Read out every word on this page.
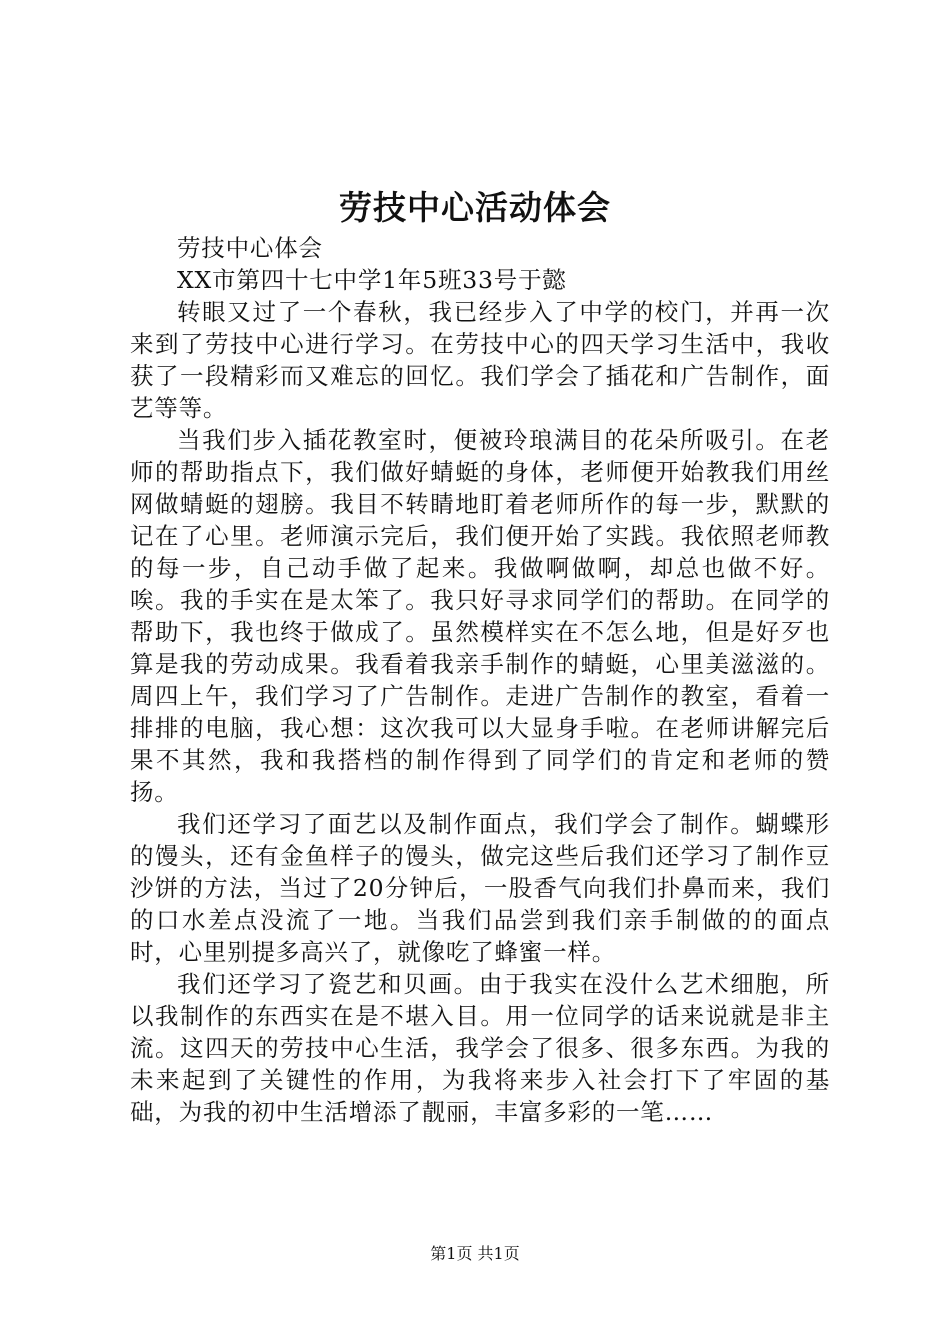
劳技中心活动体会

劳技中心体会

XX市第四十七中学1年5班33号于懿

转眼又过了一个春秋，我已经步入了中学的校门，并再一次来到了劳技中心进行学习。在劳技中心的四天学习生活中，我收获了一段精彩而又难忘的回忆。我们学会了插花和广告制作，面艺等等。

当我们步入插花教室时，便被玲琅满目的花朵所吸引。在老师的帮助指点下，我们做好蜻蜓的身体，老师便开始教我们用丝网做蜻蜓的翅膀。我目不转睛地盯着老师所作的每一步，默默的记在了心里。老师演示完后，我们便开始了实践。我依照老师教的每一步，自己动手做了起来。我做啊做啊，却总也做不好。唉。我的手实在是太笨了。我只好寻求同学们的帮助。在同学的帮助下，我也终于做成了。虽然模样实在不怎么地，但是好歹也算是我的劳动成果。我看着我亲手制作的蜻蜓，心里美滋滋的。周四上午，我们学习了广告制作。走进广告制作的教室，看着一排排的电脑，我心想：这次我可以大显身手啦。在老师讲解完后果不其然，我和我搭档的制作得到了同学们的肯定和老师的赞扬。

我们还学习了面艺以及制作面点，我们学会了制作。蝴蝶形的馒头，还有金鱼样子的馒头，做完这些后我们还学习了制作豆沙饼的方法，当过了20分钟后，一股香气向我们扑鼻而来，我们的口水差点没流了一地。当我们品尝到我们亲手制做的的面点时，心里别提多高兴了，就像吃了蜂蜜一样。

我们还学习了瓷艺和贝画。由于我实在没什么艺术细胞，所以我制作的东西实在是不堪入目。用一位同学的话来说就是非主流。这四天的劳技中心生活，我学会了很多、很多东西。为我的未来起到了关键性的作用，为我将来步入社会打下了牢固的基础，为我的初中生活增添了靓丽，丰富多彩的一笔……

第1页 共1页
